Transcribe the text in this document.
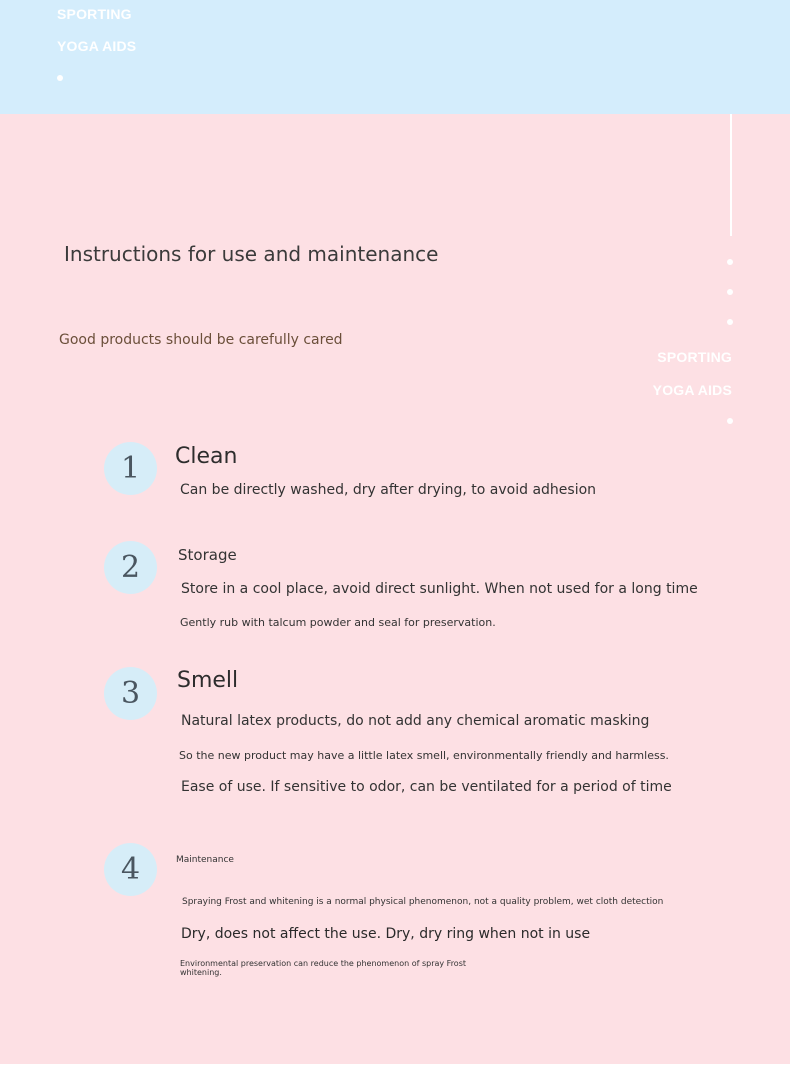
SPORTING
YOGA AIDS
SPORTING
YOGA AIDS
Instructions for use and maintenance
Good products should be carefully cared
1	Clean
Can be directly washed, dry after drying, to avoid adhesion
2	Storage
Store in a cool place, avoid direct sunlight. When not used for a long time
Gently rub with talcum powder and seal for preservation.
3	Smell
Natural latex products, do not add any chemical aromatic masking
So the new product may have a little latex smell, environmentally friendly and harmless.
Ease of use. If sensitive to odor, can be ventilated for a period of time
4	Maintenance
Spraying Frost and whitening is a normal physical phenomenon, not a quality problem, wet cloth detection
Dry, does not affect the use. Dry, dry ring when not in use
Environmental preservation can reduce the phenomenon of spray Frost
whitening.
